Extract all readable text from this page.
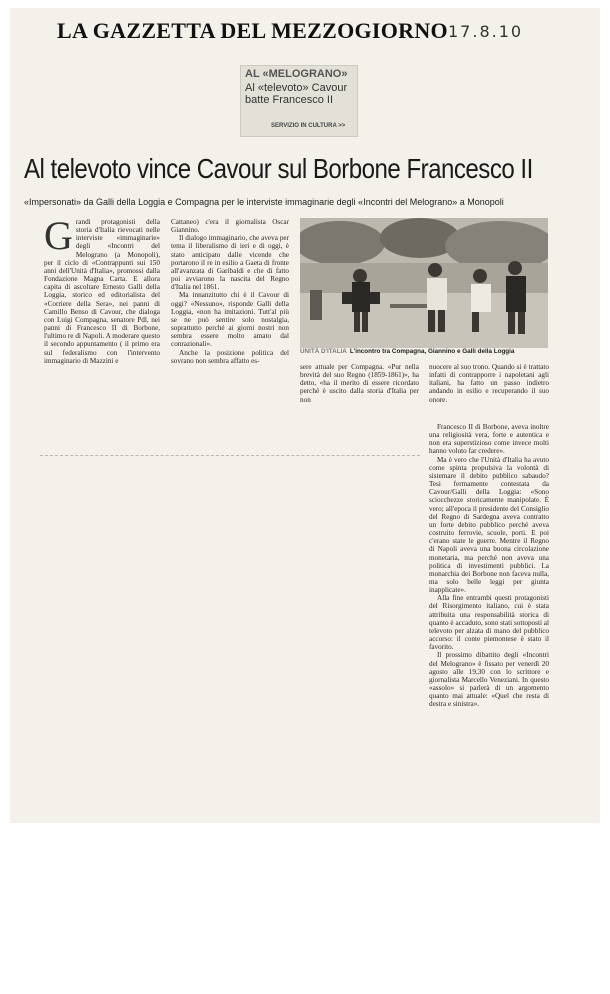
LA GAZZETTA DEL MEZZOGIORNO 17.8.10
AL «MELOGRANO»
Al «televoto» Cavour batte Francesco II
SERVIZIO IN CULTURA >>
Al televoto vince Cavour sul Borbone Francesco II
«Impersonati» da Galli della Loggia e Compagna per le interviste immaginarie degli «Incontri del Melograno» a Monopoli
G randi protagonisti della storia d'Italia rievocati nelle interviste «immaginarie» degli «Incontri del Melograno (a Monopoli), per il ciclo di «Contrappunti sui 150 anni dell'Unità d'Italia», promossi dalla Fondazione Magna Carta. E allora capita di ascoltare Ernesto Galli della Loggia, storico ed editorialista del «Corriere della Sera», nei panni di Camillo Benso di Cavour, che dialoga con Luigi Compagna, senatore Pdl, nei panni di Francesco II di Borbone, l'ultimo re di Napoli. A moderare questo il secondo appuntamento ( il primo era sul federalismo con l'intervento immaginario di Mazzini e

Cattaneo) c'era il giornalista Oscar Giannino.

Il dialogo immaginario, che aveva per tema il liberalismo di ieri e di oggi, è stato anticipato dalle vicende che portarono il re in esilio a Gaeta di fronte all'avanzata di Garibaldi e che di fatto poi avviarono la nascita del Regno d'Italia nel 1861.

Ma innanzitutto chi è il Cavour di oggi? «Nessuno», risponde Galli della Loggia, «non ha imitazioni. Tutt'al più se ne può sentire solo nostalgia, soprattutto perché ai giorni nostri non sembra essere molto amato dal conrazionali».

Anche la posizione politica del sovrano non sembra affatto es-

UNITÀ D'ITALIA L'incontro tra Compagna, Giannino e Galli della Loggia

sere attuale per Compagna. «Pur nella brevità del suo Regno (1859-1861)», ha detto, «ha il merito di essere ricordato perché è uscito dalla storia d'Italia per non

nuocere al suo trono. Quando si è trattato infatti di contrapporre i napoletani agli italiani, ha fatto un passo indietro andando in esilio e recuperando il suo onore.

Francesco II di Borbone, aveva inoltre una religiosità vera, forte e autentica e non era superstizioso come invece molti hanno voluto far credere».

Ma è vero che l'Unità d'Italia ha avuto come spinta propulsiva la volontà di sistemare il debito pubblico sabaudo? Tesi fermamente contestata da Cavour/Galli della Loggia: «Sono sciocchezze storicamente manipolate. È vero; all'epoca il presidente del Consiglio del Regno di Sardegna aveva contratto un forte debito pubblico perché aveva costruito ferrovie, scuole, porti. E poi c'erano state le guerre. Mentre il Regno di Napoli aveva una buona circolazione monetaria, ma perché non aveva una politica di investimenti pubblici. La monarchia dei Borbone non faceva nulla, ma solo belle leggi per giunta inapplicate».

Alla fine entrambi questi protagonisti del Risorgimento italiano, cui è stata attribuita una responsabilità storica di quanto è accaduto, sono stati sottoposti al televoto per alzata di mano del pubblico accorso: il conte piemontese è stato il favorito.

Il prossimo dibattito degli «Incontri del Melograno» è fissato per venerdì 20 agosto alle 19,30 con lo scrittore e giornalista Marcello Veneziani. In questo «assolo» si parlerà di un argomento quanto mai attuale: «Quel che resta di destra e sinistra».
